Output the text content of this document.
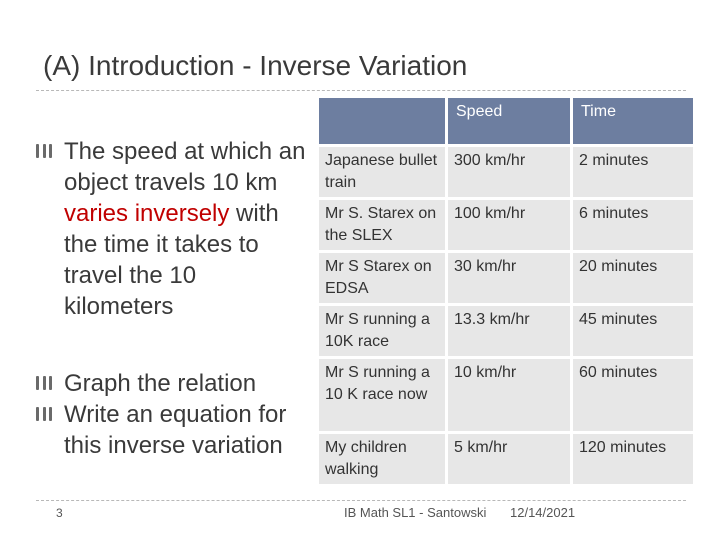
(A) Introduction - Inverse Variation
The speed at which an object travels 10 km varies inversely with the time it takes to travel the 10 kilometers
Graph the relation
Write an equation for this inverse variation
	Speed	Time
Japanese bullet train	300 km/hr	2 minutes
Mr S. Starex on the SLEX	100 km/hr	6 minutes
Mr S Starex on EDSA	30 km/hr	20 minutes
Mr S running a 10K race	13.3 km/hr	45 minutes
Mr S running a 10 K race now	10 km/hr	60 minutes
My children walking	5 km/hr	120 minutes
3	IB Math SL1 - Santowski 12/14/2021
